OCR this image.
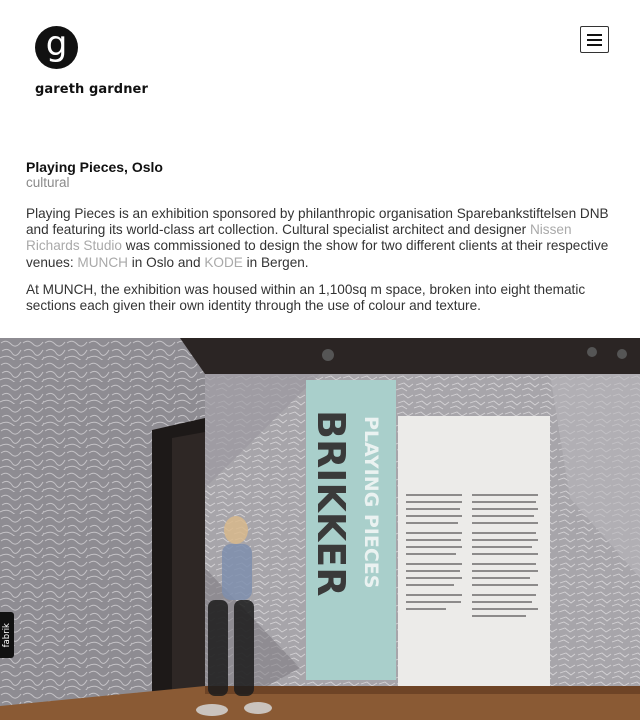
g
gareth gardner
Playing Pieces, Oslo
cultural

Playing Pieces is an exhibition sponsored by philanthropic organisation Sparebankstiftelsen DNB and featuring its world-class art collection. Cultural specialist architect and designer Nissen Richards Studio was commissioned to design the show for two different clients at their respective venues: MUNCH in Oslo and KODE in Bergen.

At MUNCH, the exhibition was housed within an 1,100sq m space, broken into eight thematic sections each given their own identity through the use of colour and texture.

BRIKKER PLAYING PIECES
fabrik
